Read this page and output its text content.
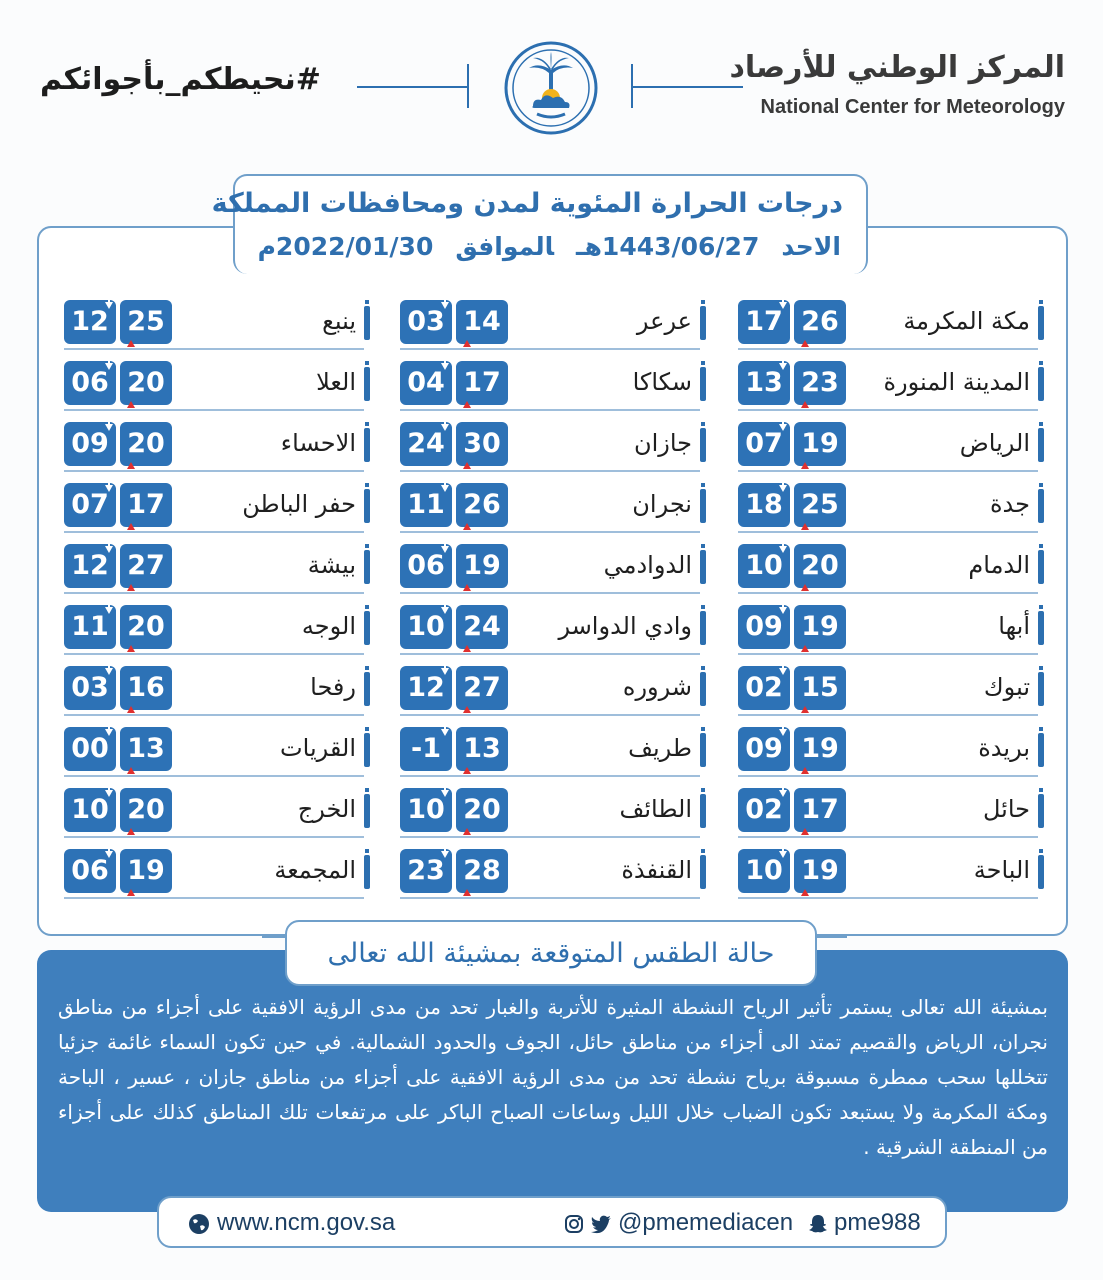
#نحيطكم_بأجوائكم	المركز الوطني للأرصاد
National Center for Meteorology
درجات الحرارة المئوية لمدن ومحافظات المملكة
الاحد1443/06/27هـالموافق2022/01/30م
مكة المكرمة
17 26
المدينة المنورة
13 23
الرياض
07 19
جدة
18 25
الدمام
10 20
أبها
09 19
تبوك
02 15
بريدة
09 19
حائل
02 17
الباحة
10 19
عرعر
03 14
سكاكا
04 17
جازان
24 30
نجران
11 26
الدوادمي
06 19
وادي الدواسر
10 24
شروره
12 27
طريف
-1 13
الطائف
10 20
القنفذة
23 28
ينبع
12 25
العلا
06 20
الاحساء
09 20
حفر الباطن
07 17
بيشة
12 27
الوجه
11 20
رفحا
03 16
القريات
00 13
الخرج
10 20
المجمعة
06 19
حالة الطقس المتوقعة بمشيئة الله تعالى
بمشيئة الله تعالى يستمر تأثير الرياح النشطة المثيرة للأتربة والغبار تحد من مدى الرؤية الافقية على أجزاء من مناطق نجران، الرياض والقصيم تمتد الى أجزاء من مناطق حائل، الجوف والحدود الشمالية. في حين تكون السماء غائمة جزئيا تتخللها سحب ممطرة مسبوقة برياح نشطة تحد من مدى الرؤية الافقية على أجزاء من مناطق جازان ، عسير ، الباحة ومكة المكرمة ولا يستبعد تكون الضباب خلال الليل وساعات الصباح الباكر على مرتفعات تلك المناطق كذلك على أجزاء من المنطقة الشرقية .
www.ncm.gov.sa	@pmemediacen	pme988
